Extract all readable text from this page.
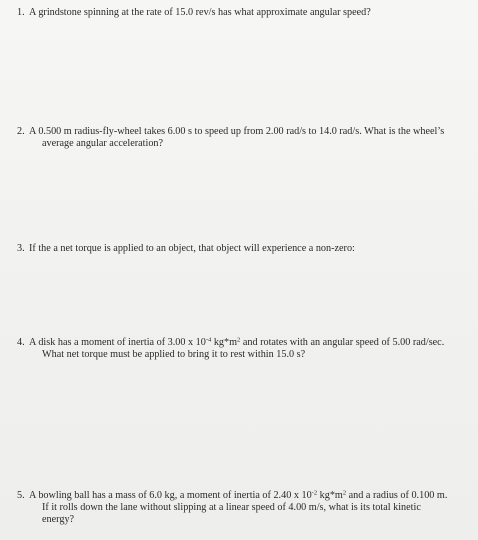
1. A grindstone spinning at the rate of 15.0 rev/s has what approximate angular speed?
2. A 0.500 m radius-fly-wheel takes 6.00 s to speed up from 2.00 rad/s to 14.0 rad/s. What is the wheel’s
average angular acceleration?
3. If the a net torque is applied to an object, that object will experience a non-zero:
4. A disk has a moment of inertia of 3.00 x $10^{-4}$ $kg*m^2$ and rotates with an angular speed of 5.00 rad/sec.
What net torque must be applied to bring it to rest within 15.0 s?
5. A bowling ball has a mass of 6.0 kg, a moment of inertia of 2.40 x $10^{-2}$ $kg*m^2$ and a radius of 0.100 m.
If it rolls down the lane without slipping at a linear speed of 4.00 m/s, what is its total kinetic
energy?
